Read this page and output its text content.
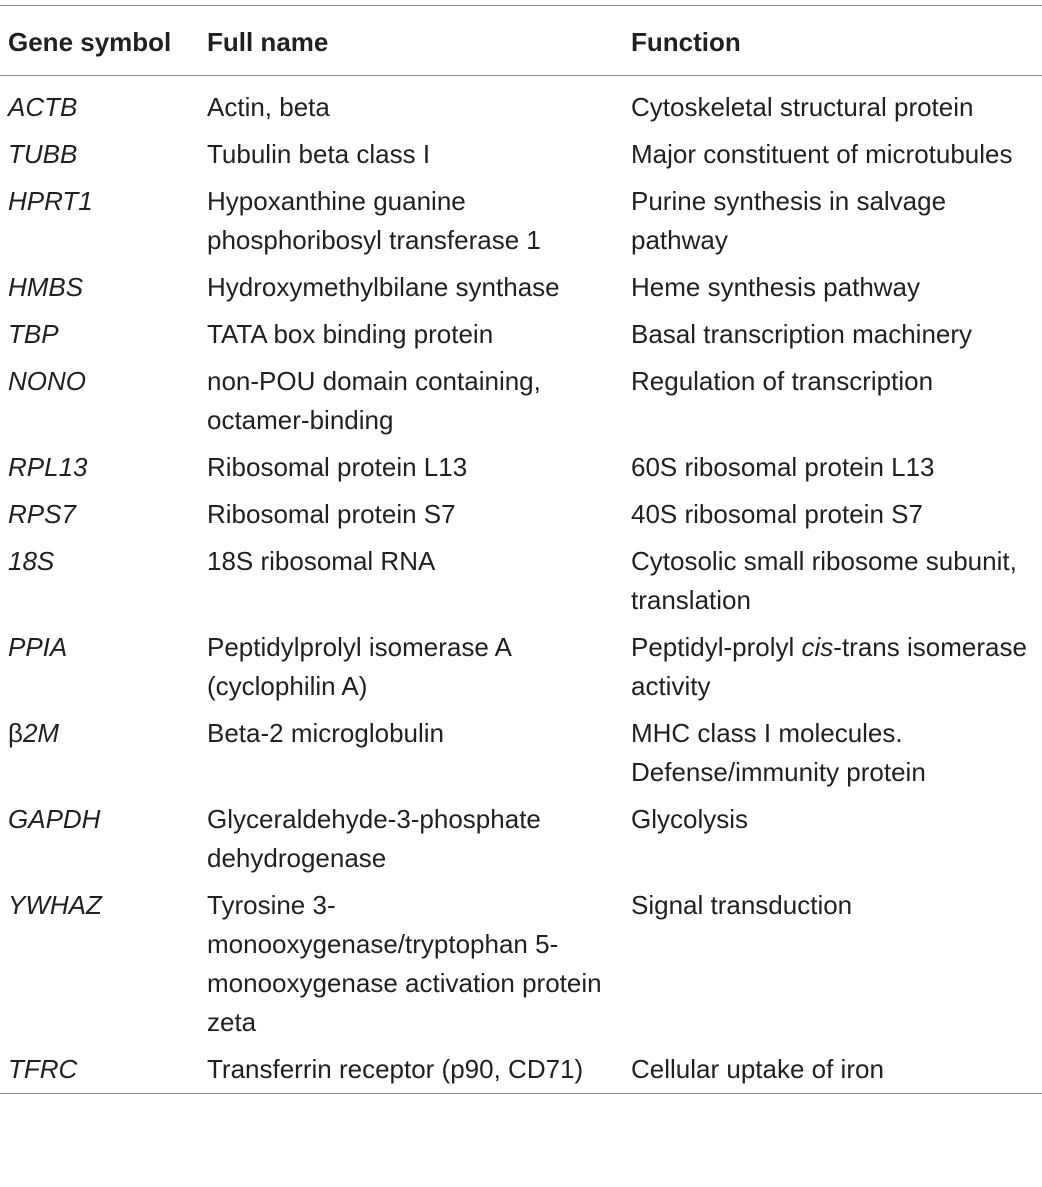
Gene symbol	Full name	Function
ACTB	Actin, beta	Cytoskeletal structural protein
TUBB	Tubulin beta class I	Major constituent of microtubules
HPRT1	Hypoxanthine guanine phosphoribosyl transferase 1	Purine synthesis in salvage pathway
HMBS	Hydroxymethylbilane synthase	Heme synthesis pathway
TBP	TATA box binding protein	Basal transcription machinery
NONO	non-POU domain containing, octamer-binding	Regulation of transcription
RPL13	Ribosomal protein L13	60S ribosomal protein L13
RPS7	Ribosomal protein S7	40S ribosomal protein S7
18S	18S ribosomal RNA	Cytosolic small ribosome subunit, translation
PPIA	Peptidylprolyl isomerase A (cyclophilin A)	Peptidyl-prolyl cis-trans isomerase activity
β2M	Beta-2 microglobulin	MHC class I molecules. Defense/immunity protein
GAPDH	Glyceraldehyde-3-phosphate dehydrogenase	Glycolysis
YWHAZ	Tyrosine 3-monooxygenase/tryptophan 5-monooxygenase activation protein zeta	Signal transduction
TFRC	Transferrin receptor (p90, CD71)	Cellular uptake of iron
